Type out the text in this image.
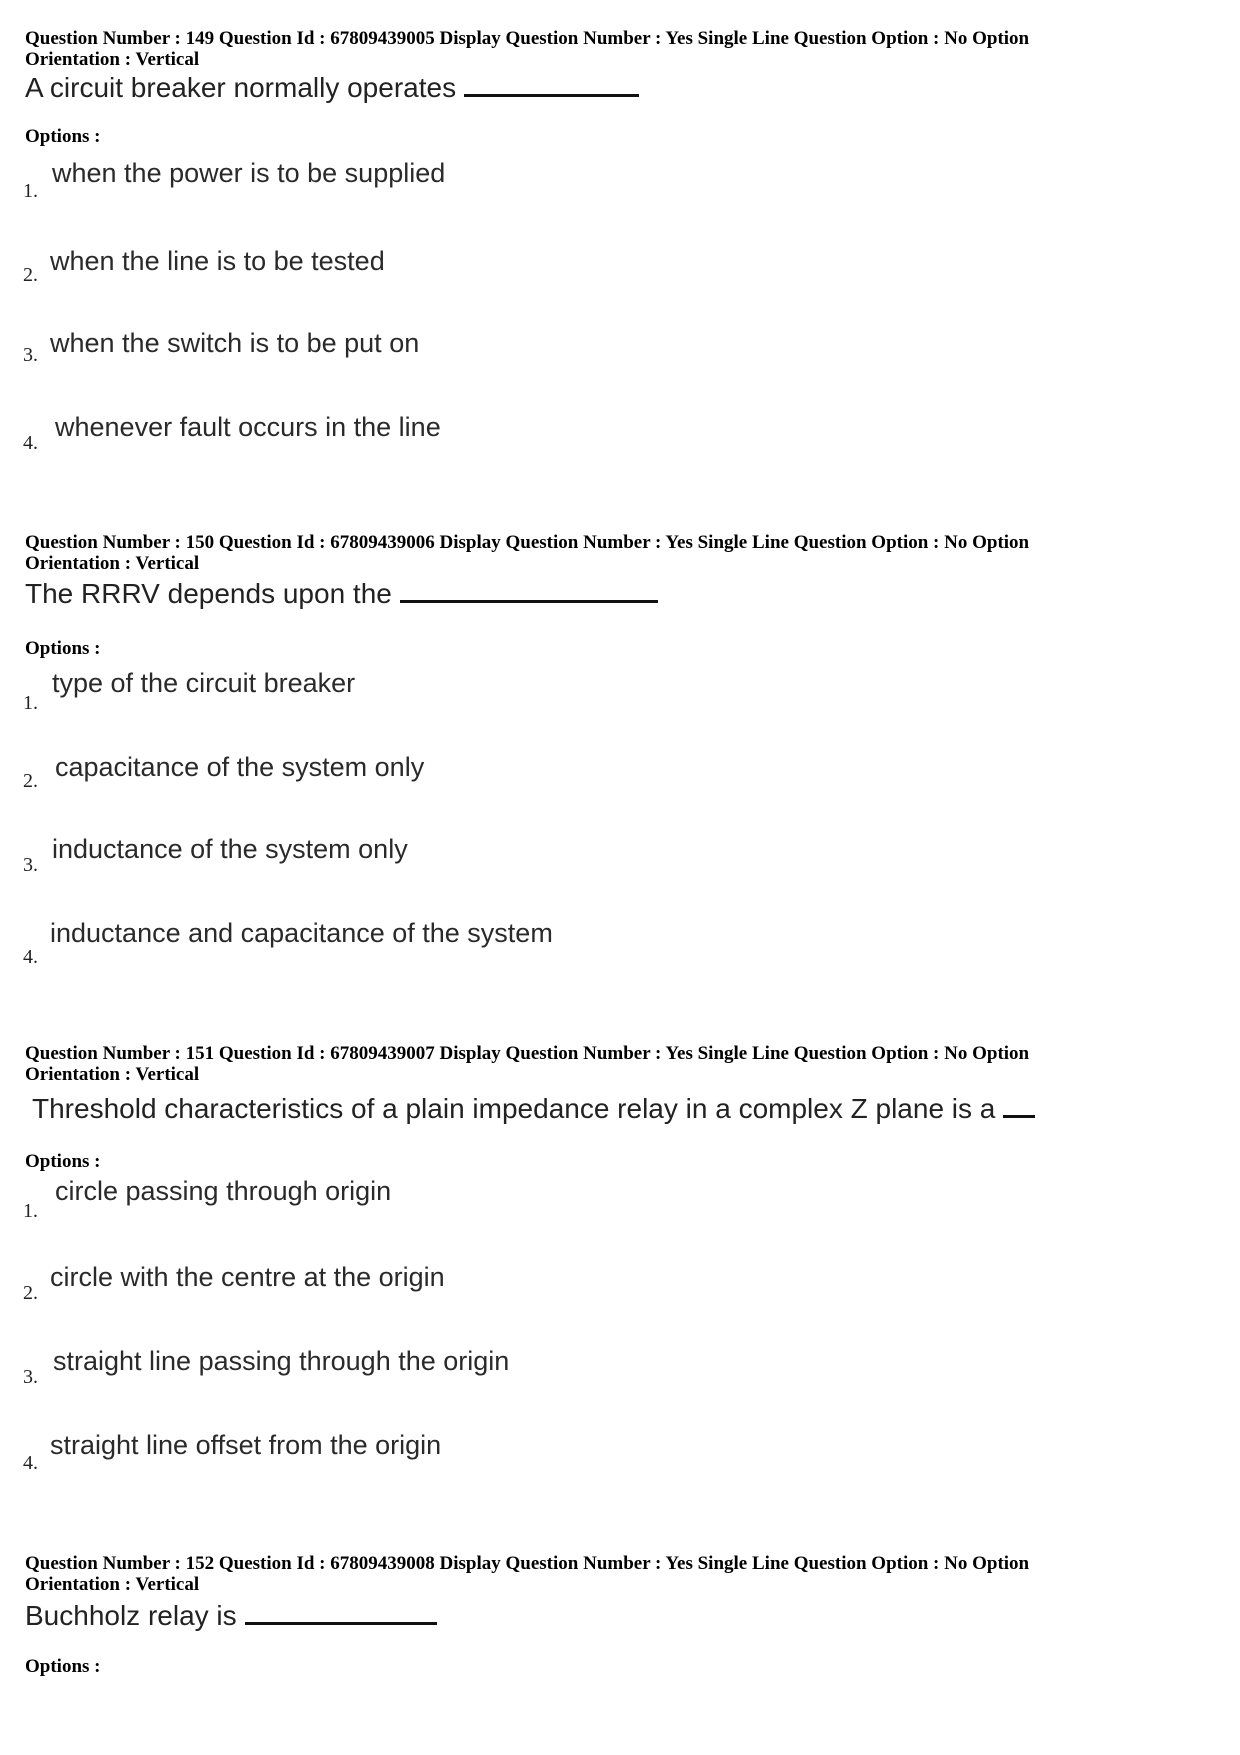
Question Number : 149 Question Id : 67809439005 Display Question Number : Yes Single Line Question Option : No Option
Orientation : Vertical
A circuit breaker normally operates
Options :
1.
when the power is to be supplied
2. when the line is to be tested
3. when the switch is to be put on
4.
whenever fault occurs in the line
Question Number : 150 Question Id : 67809439006 Display Question Number : Yes Single Line Question Option : No Option
Orientation : Vertical
The RRRV depends upon the
Options :
1.
type of the circuit breaker
2. capacitance of the system only
3.
inductance of the system only
4.
inductance and capacitance of the system
Question Number : 151 Question Id : 67809439007 Display Question Number : Yes Single Line Question Option : No Option
Orientation : Vertical
Threshold characteristics of a plain impedance relay in a complex Z plane is a
Options :
1.
circle passing through origin
2.
circle with the centre at the origin
3.
straight line passing through the origin
4.
straight line offset from the origin
Question Number : 152 Question Id : 67809439008 Display Question Number : Yes Single Line Question Option : No Option
Orientation : Vertical
Buchholz relay is
Options :
